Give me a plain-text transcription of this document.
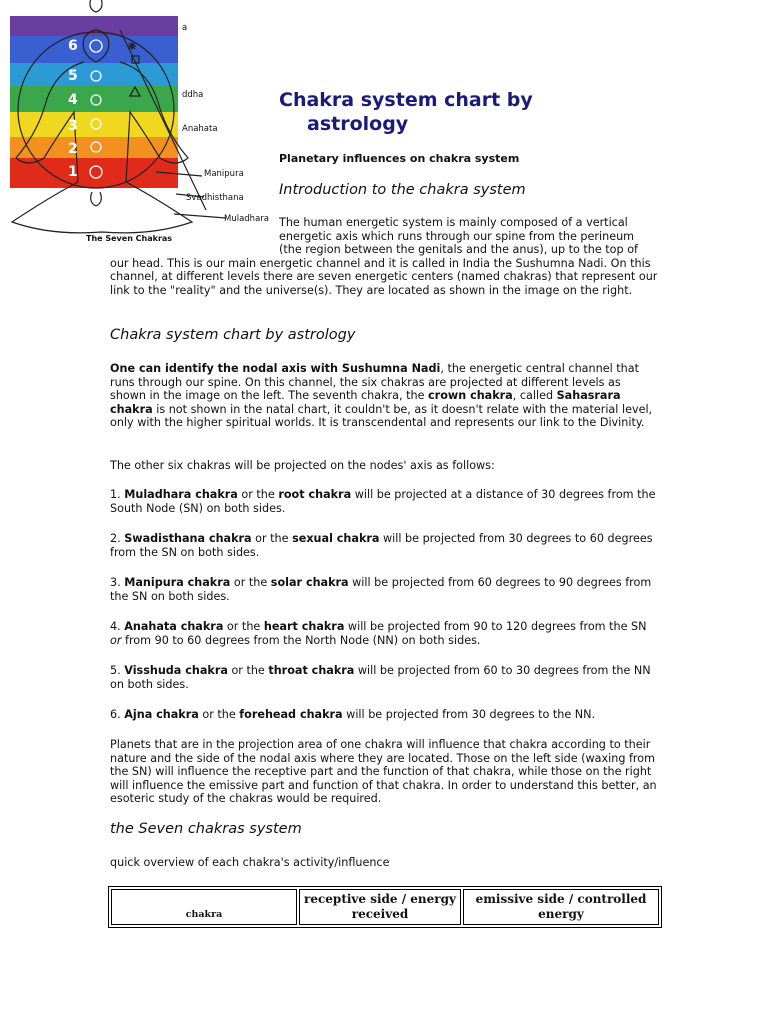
6
5
4
3
2
1
a
ddha
Anahata
Manipura
Svadhisthana
Muladhara
The Seven Chakras
Chakra system chart by
astrology
Planetary influences on chakra system
Introduction to the chakra system

The human energetic system is mainly composed of a vertical energetic axis which runs through our spine from the perineum (the region between the genitals and the anus), up to the top of
our head. This is our main energetic channel and it is called in India the Sushumna Nadi. On this channel, at different levels there are seven energetic centers (named chakras) that represent our link to the "reality" and the universe(s). They are located as shown in the image on the right.

Chakra system chart by astrology

One can identify the nodal axis with Sushumna Nadi, the energetic central channel that runs through our spine. On this channel, the six chakras are projected at different levels as shown in the image on the left. The seventh chakra, the crown chakra, called Sahasrara chakra is not shown in the natal chart, it couldn't be, as it doesn't relate with the material level, only with the higher spiritual worlds. It is transcendental and represents our link to the Divinity.

The other six chakras will be projected on the nodes' axis as follows:

1. Muladhara chakra or the root chakra will be projected at a distance of 30 degrees from the South Node (SN) on both sides.

2. Swadisthana chakra or the sexual chakra will be projected from 30 degrees to 60 degrees from the SN on both sides.

3. Manipura chakra or the solar chakra will be projected from 60 degrees to 90 degrees from the SN on both sides.

4. Anahata chakra or the heart chakra will be projected from 90 to 120 degrees from the SN or from 90 to 60 degrees from the North Node (NN) on both sides.

5. Visshuda chakra or the throat chakra will be projected from 60 to 30 degrees from the NN on both sides.

6. Ajna chakra or the forehead chakra will be projected from 30 degrees to the NN.

Planets that are in the projection area of one chakra will influence that chakra according to their nature and the side of the nodal axis where they are located. Those on the left side (waxing from the SN) will influence the receptive part and the function of that chakra, while those on the right will influence the emissive part and function of that chakra. In order to understand this better, an esoteric study of the chakras would be required.

the Seven chakras system

quick overview of each chakra's activity/influence

chakra	receptive side / energy received	emissive side / controlled energy
